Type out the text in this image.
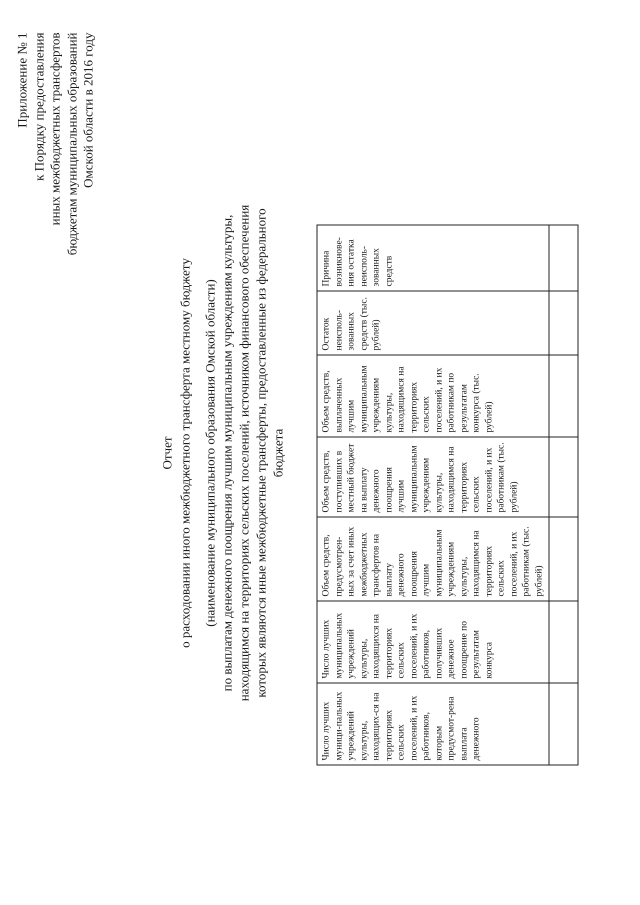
Приложение № 1 к Порядку предоставления иных межбюджетных трансфертов бюджетам муниципальных образований Омской области в 2016 году
Отчет о расходовании иного межбюджетного трансферта местному бюджету (наименование муниципального образования Омской области) по выплатам денежного поощрения лучшим муниципальным учреждениям культуры, находящимся на территориях сельских поселений, источником финансового обеспечения которых являются иные межбюджетные трансферты, предоставленные из федерального бюджета
Число лучших муници-пальных учреждений культуры, находящих-ся на территориях сельских поселений, и их работников, которым предусмот-рена выплата денежного	Число лучших муниципальных учреждений культуры, находящихся на территориях сельских поселений, и их работников, получивших денежное поощрение по результатам конкурса	Объем средств, предусмотрен-ных за счет иных межбюджетных трансфертов на выплату денежного поощрения лучшим муниципальным учреждениям культуры, находящимся на территориях сельских поселений, и их работникам (тыс. рублей)	Объем средств, поступивших в местный бюджет на выплату денежного поощрения лучшим муниципальным учреждениям культуры, находящимся на территориях сельских поселений, и их работникам (тыс. рублей)	Объем средств, выплаченных лучшим муниципальным учреждениям культуры, находящимся на территориях сельских поселений, и их работникам по результатам конкурса (тыс. рублей)	Остаток неисполь-зованных средств (тыс. рублей)	Причина возникнове-ния остатка неисполь-зованных средств
